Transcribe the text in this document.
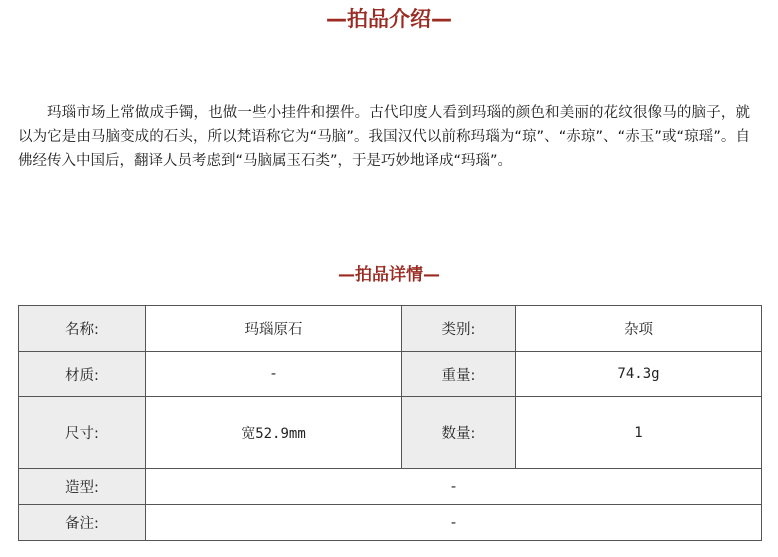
—拍品介绍—

玛瑙市场上常做成手镯，也做一些小挂件和摆件。古代印度人看到玛瑙的颜色和美丽的花纹很像马的脑子，就以为它是由马脑变成的石头，所以梵语称它为“马脑”。我国汉代以前称玛瑙为“琼”、“赤琼”、“赤玉”或“琼瑶”。自佛经传入中国后，翻译人员考虑到“马脑属玉石类”，于是巧妙地译成“玛瑙”。

—拍品详情—
名称:	玛瑙原石	类别:	杂项
材质:	-	重量:	74.3g
尺寸:	宽52.9mm	数量:	1
造型:	-		
备注:	-		
